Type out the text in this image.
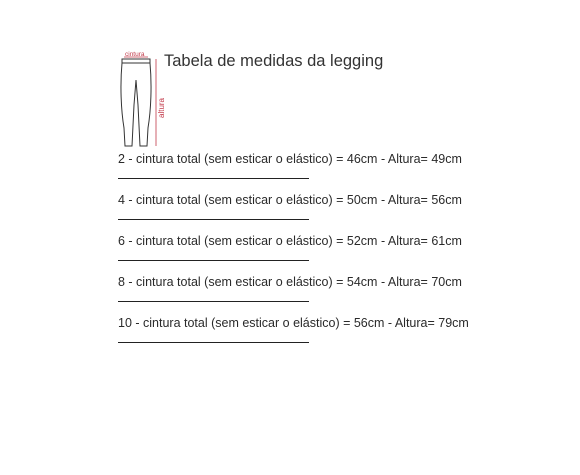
cintura
altura
Tabela de medidas da legging
2 - cintura total (sem esticar o elástico) = 46cm - Altura= 49cm
4 - cintura total (sem esticar o elástico) = 50cm - Altura= 56cm
6 - cintura total (sem esticar o elástico) = 52cm - Altura= 61cm
8 - cintura total (sem esticar o elástico) = 54cm - Altura= 70cm
10 - cintura total (sem esticar o elástico) = 56cm - Altura= 79cm
